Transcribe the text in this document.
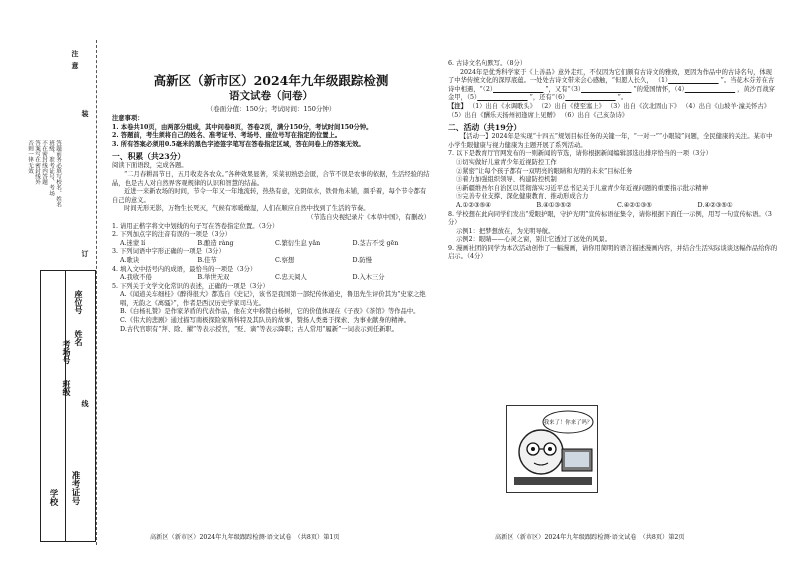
注
意
装
订
线
答题前务必填写校名、姓名
班级、准考证号、考场
不在密封线内答题
答案写在密封线外
否则一律无效
学校 准考证号
班级
考场号
姓名
座位号

高新区（新市区）2024年九年级跟踪检测

语文试卷（问卷）

（卷面分值：150分；考试时间：150分钟）

注意事项：

1. 本卷共10页，由两部分组成，其中问卷8页，答卷2页，满分150分，考试时间150分钟。

2. 答题前，考生须将自己的姓名、准考证号、考场号、座位号写在指定的位置上。

3. 所有答案必须用0.5毫米的黑色字迹签字笔写在答卷指定区域，答在问卷上的答案无效。

一、积累（共23分）

阅读下面语段，完成各题。

“二月春耕昌节日，五月收麦各农众。”各种效果显著，采菜初熟恐会匿，合节不误是农事的依据，生活经验的结晶，也是古人对自然界客观规律的认识和智慧的结晶。

近进一来新农场的时间，节令一年又一年地流转，热热有意，光阴似水，铁骨角未铺，颜乎着，每个节令都有自己的意义。

时间无形无影，万物生长死灭，气候有寒暖燥湿，人们在顺应自然中找到了生活的节奏。

（节选自央视纪录片《本草中国》，有删改）

1. 请用正楷字将文中划线的句子写在答卷指定位置。（3分）

2. 下列加点字的注音有误的一项是（3分）

A.迷蒙 lí	B.酿造 ràng	C.繁衍生息 yǎn	D.茎吉不受 gēn

3. 下列词语中字形正确的一项是（3分）

A.歌诀	B.佳节	C.察想	D.防慢

4. 填入文中括号内的成语，最恰当的一项是（3分）

A.我收不倦	B.举世无双	C.忠天阅人	D.入木三分

5. 下列关于文学文化常识的表述，正确的一项是（3分）

A.《闻道关车细桂》《醉得很大》都选自《史记》，该书是我国第一部纪传体通史，鲁迅先生评价其为“史家之绝唱，无韵之《离骚》”，作者是西汉历史学家司马光。

B.《白杨礼赞》是作家茅盾的代表作品，他在文中称赞白杨树，它的价值体现在《子夜》《茶馆》等作品中。

C.《伟大的悲剧》通过描写南极探险家斯科特及其队员的故事，赞扬人类勇于探索、为事业献身的精神。

D.古代官职有“拜、除、擢”等表示授官，“贬、谪”等表示降职；古人常用“履新”一词表示到任新职。

6. 古诗文名句默写。（8分）

2024年是优秀科学家于《上善品》意外走红，不仅因为它们颇有古诗文的雅致，更因为作品中的古诗名句，体现了中华传统文化的深厚底蕴。一处处古诗文带来会心感触，“但愿人长久， （1）　　　　　　　　	”。当花木芬芳在古诗中相遇，“（2）　　　　　　　　	”，又有“（3）　　　　　　　　	”的爱国情怀，（4）　　　　　　　　	，黄沙百战穿金甲，（5）　　　　　　　　	”，还有“（6）　　　　　　　　	”。

【注】 （1）出自《水调歌头》 （2）出自《使至塞上》 （3）出自《次北固山下》 （4）出自《山坡羊·潼关怀古》 （5）出自《酬乐天扬州初逢席上见赠》 （6）出自《己亥杂诗》

二、活动（共19分）

【活动一】2024年是实现“十四五”规划目标任务的关键一年，“一对一”“小眼镜”问题，全民健康的关注。某市中小学生眼健康与视力健康为主题开展了系列活动。

7. 以下是教育厅官网发布的一则新闻的节选，请你根据新闻编辑部选出排序恰当的一项（3分）

①切实做好儿童青少年近视防控工作

②紧密“让每个孩子都有一双明亮的眼睛和光明的未来”目标任务

③着力加强组织领导、构建防控机制

④新疆维吾尔自治区以贯彻落实习近平总书记关于儿童青少年近视问题的重要指示批示精神

⑤完善专业支撑、深化健康教育、推动形成合力

A.①②③⑤④	B.④①③⑤②	C.④②①③⑤	D.④②③⑤①

8. 学校想在此向同学们发出“爱眼护眼，守护光明”宣传标语征集令，请你根据下面任一示例，用写一句宣传标语。（3分）

示例1：把梦想放在，为光明导航。

示例2：眼睛——心灵之窗，别让它透过了远处的风景。

9. 漫画社团的同学为本次活动创作了一幅漫画，请你用简明的语言描述漫画内容，并结合生活实际谈谈这幅作品给你的启示。（4分）

我来了！你来了吗？
高新区（新市区）2024年九年级跟踪检测·语文试卷　（共8页）第1页	高新区（新市区）2024年九年级跟踪检测·语文试卷　（共8页）第2页
